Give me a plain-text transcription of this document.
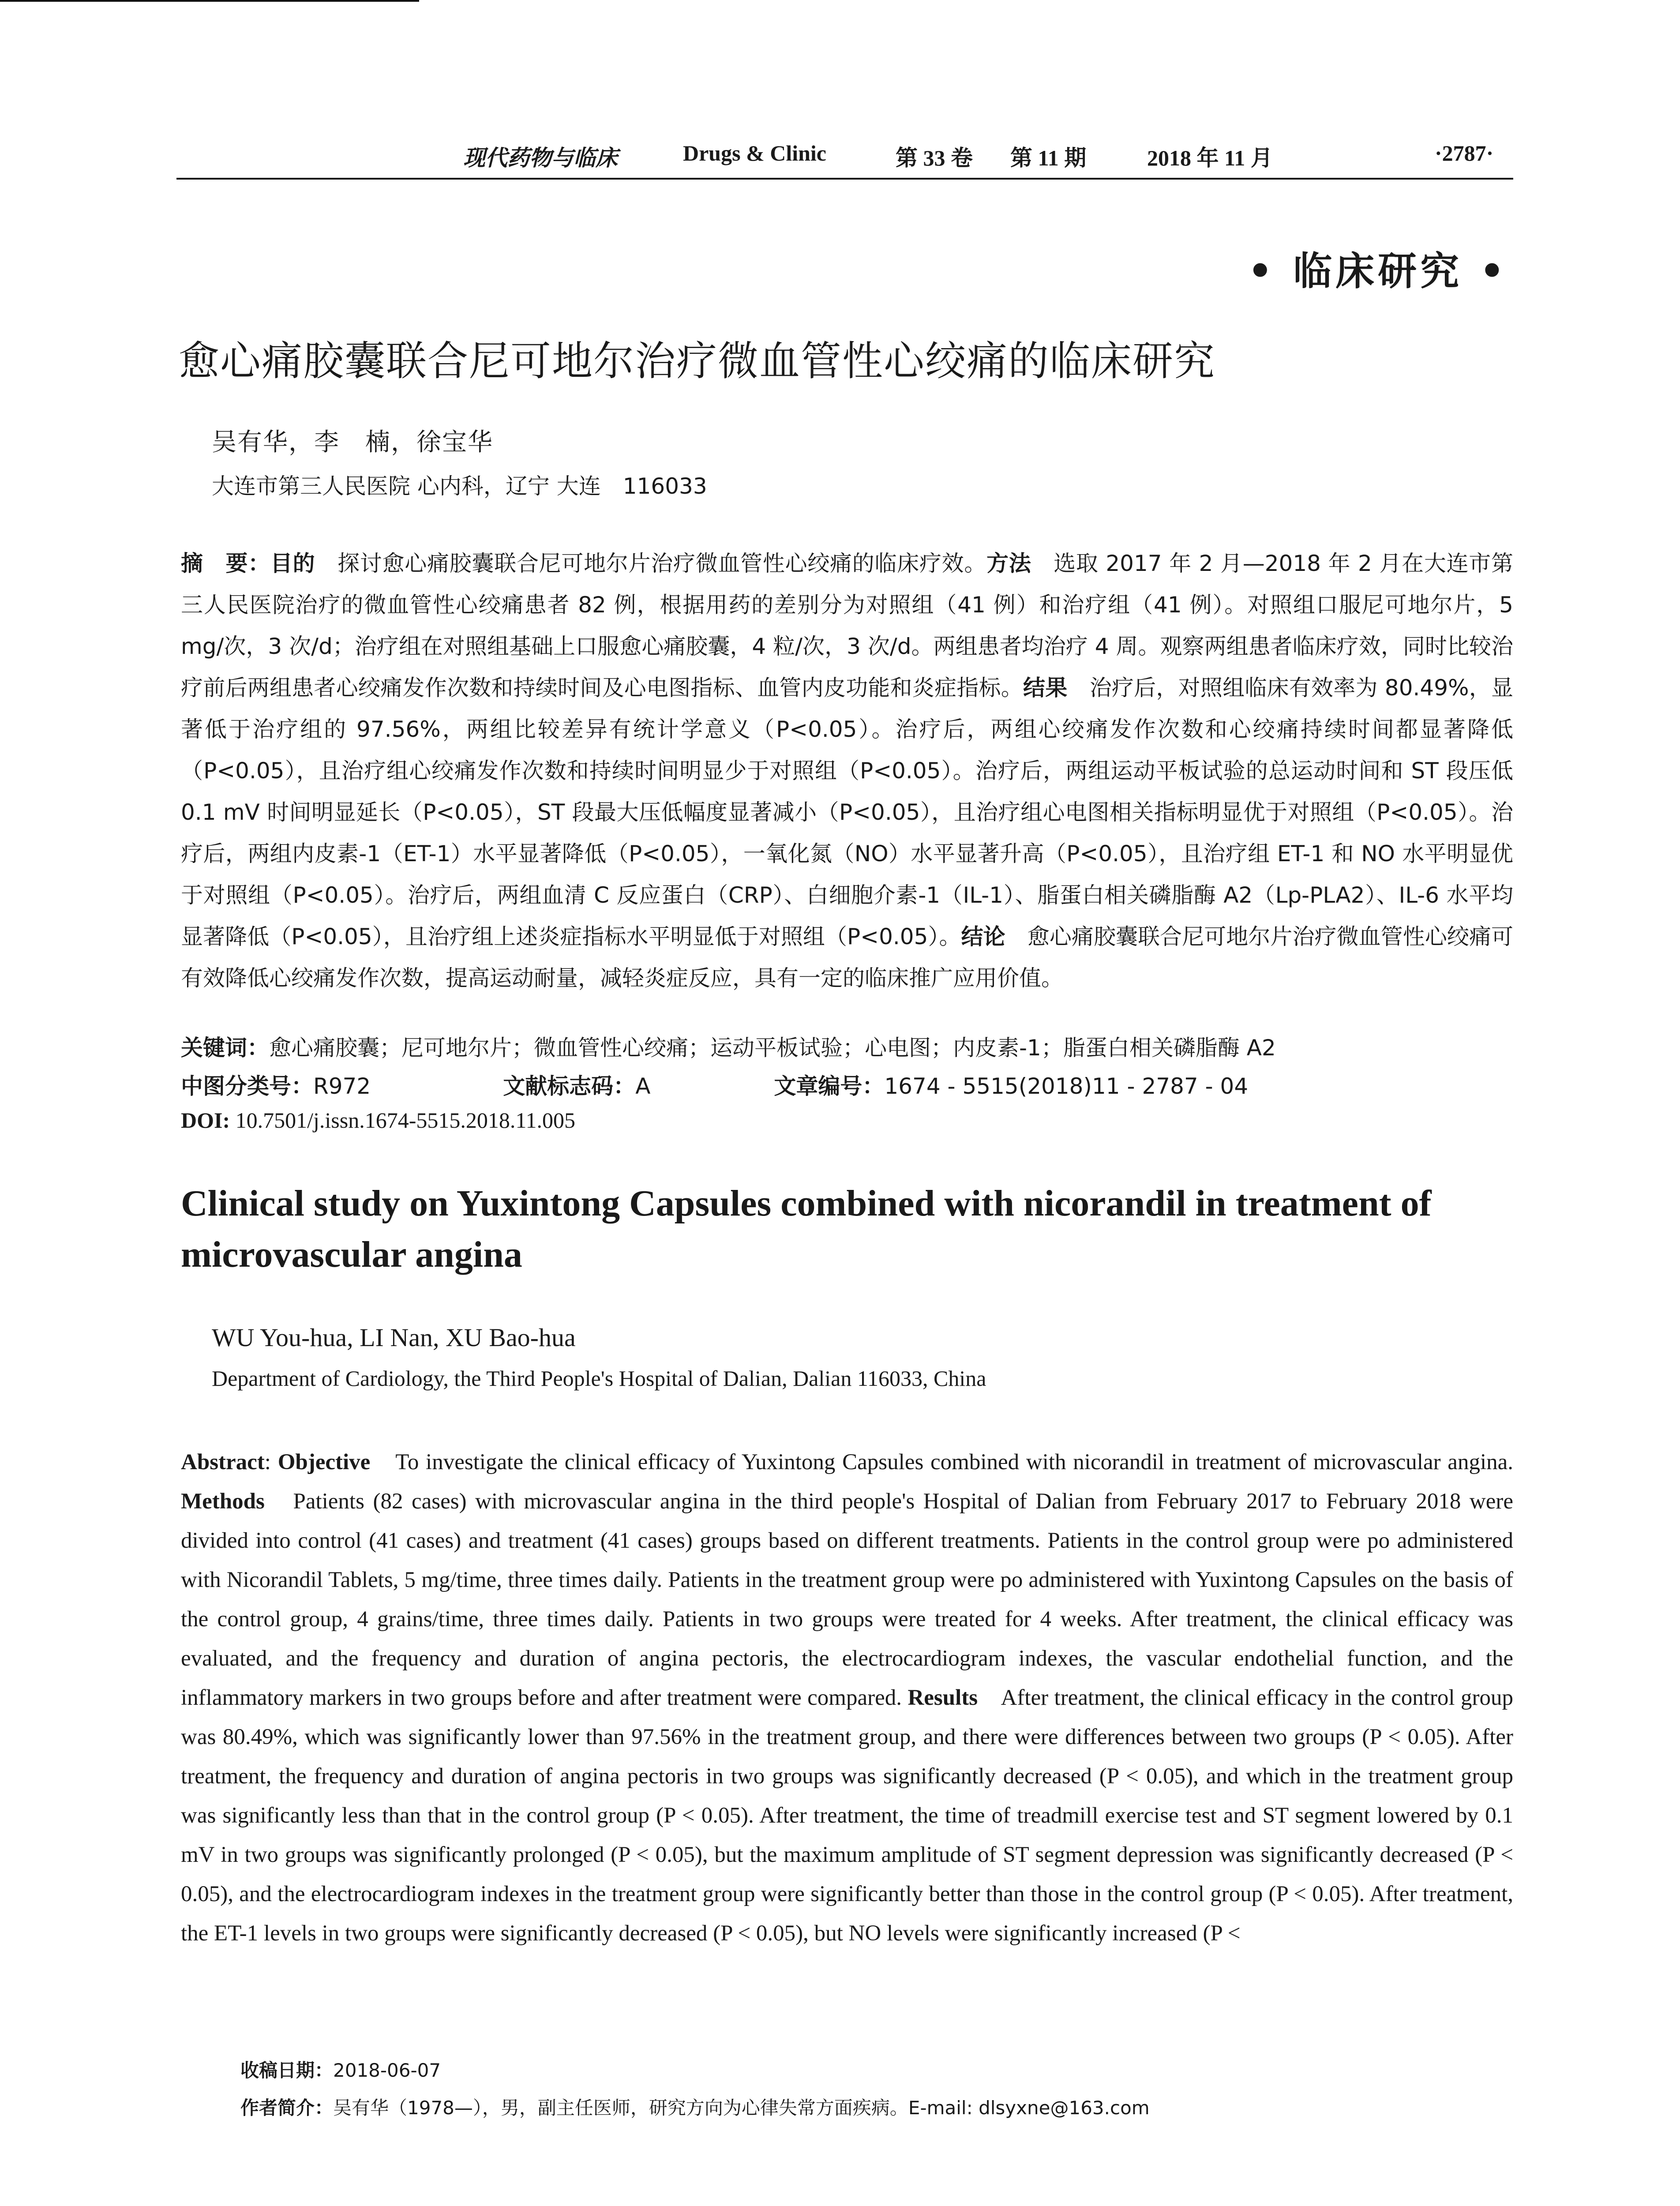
现代药物与临床	Drugs & Clinic	第 33 卷 第 11 期	2018 年 11 月	·2787·
• 临床研究 •
愈心痛胶囊联合尼可地尔治疗微血管性心绞痛的临床研究
吴有华，李　楠，徐宝华
大连市第三人民医院 心内科，辽宁 大连　116033
摘　要：目的　探讨愈心痛胶囊联合尼可地尔片治疗微血管性心绞痛的临床疗效。方法　选取 2017 年 2 月—2018 年 2 月在大连市第三人民医院治疗的微血管性心绞痛患者 82 例，根据用药的差别分为对照组（41 例）和治疗组（41 例）。对照组口服尼可地尔片，5 mg/次，3 次/d；治疗组在对照组基础上口服愈心痛胶囊，4 粒/次，3 次/d。两组患者均治疗 4 周。观察两组患者临床疗效，同时比较治疗前后两组患者心绞痛发作次数和持续时间及心电图指标、血管内皮功能和炎症指标。结果　治疗后，对照组临床有效率为 80.49%，显著低于治疗组的 97.56%，两组比较差异有统计学意义（P<0.05）。治疗后，两组心绞痛发作次数和心绞痛持续时间都显著降低（P<0.05），且治疗组心绞痛发作次数和持续时间明显少于对照组（P<0.05）。治疗后，两组运动平板试验的总运动时间和 ST 段压低 0.1 mV 时间明显延长（P<0.05），ST 段最大压低幅度显著减小（P<0.05），且治疗组心电图相关指标明显优于对照组（P<0.05）。治疗后，两组内皮素-1（ET-1）水平显著降低（P<0.05），一氧化氮（NO）水平显著升高（P<0.05），且治疗组 ET-1 和 NO 水平明显优于对照组（P<0.05）。治疗后，两组血清 C 反应蛋白（CRP）、白细胞介素-1（IL-1）、脂蛋白相关磷脂酶 A2（Lp-PLA2）、IL-6 水平均显著降低（P<0.05），且治疗组上述炎症指标水平明显低于对照组（P<0.05）。结论　愈心痛胶囊联合尼可地尔片治疗微血管性心绞痛可有效降低心绞痛发作次数，提高运动耐量，减轻炎症反应，具有一定的临床推广应用价值。
关键词：愈心痛胶囊；尼可地尔片；微血管性心绞痛；运动平板试验；心电图；内皮素-1；脂蛋白相关磷脂酶 A2
中图分类号：R972	文献标志码：A	文章编号：1674 - 5515(2018)11 - 2787 - 04
DOI: 10.7501/j.issn.1674-5515.2018.11.005
Clinical study on Yuxintong Capsules combined with nicorandil in treatment of microvascular angina
WU You-hua, LI Nan, XU Bao-hua
Department of Cardiology, the Third People's Hospital of Dalian, Dalian 116033, China
Abstract: Objective　To investigate the clinical efficacy of Yuxintong Capsules combined with nicorandil in treatment of microvascular angina. Methods　Patients (82 cases) with microvascular angina in the third people's Hospital of Dalian from February 2017 to February 2018 were divided into control (41 cases) and treatment (41 cases) groups based on different treatments. Patients in the control group were po administered with Nicorandil Tablets, 5 mg/time, three times daily. Patients in the treatment group were po administered with Yuxintong Capsules on the basis of the control group, 4 grains/time, three times daily. Patients in two groups were treated for 4 weeks. After treatment, the clinical efficacy was evaluated, and the frequency and duration of angina pectoris, the electrocardiogram indexes, the vascular endothelial function, and the inflammatory markers in two groups before and after treatment were compared. Results　After treatment, the clinical efficacy in the control group was 80.49%, which was significantly lower than 97.56% in the treatment group, and there were differences between two groups (P < 0.05). After treatment, the frequency and duration of angina pectoris in two groups was significantly decreased (P < 0.05), and which in the treatment group was significantly less than that in the control group (P < 0.05). After treatment, the time of treadmill exercise test and ST segment lowered by 0.1 mV in two groups was significantly prolonged (P < 0.05), but the maximum amplitude of ST segment depression was significantly decreased (P < 0.05), and the electrocardiogram indexes in the treatment group were significantly better than those in the control group (P < 0.05). After treatment, the ET-1 levels in two groups were significantly decreased (P < 0.05), but NO levels were significantly increased (P <
收稿日期：2018-06-07
作者简介：吴有华（1978—），男，副主任医师，研究方向为心律失常方面疾病。E-mail: dlsyxne@163.com
